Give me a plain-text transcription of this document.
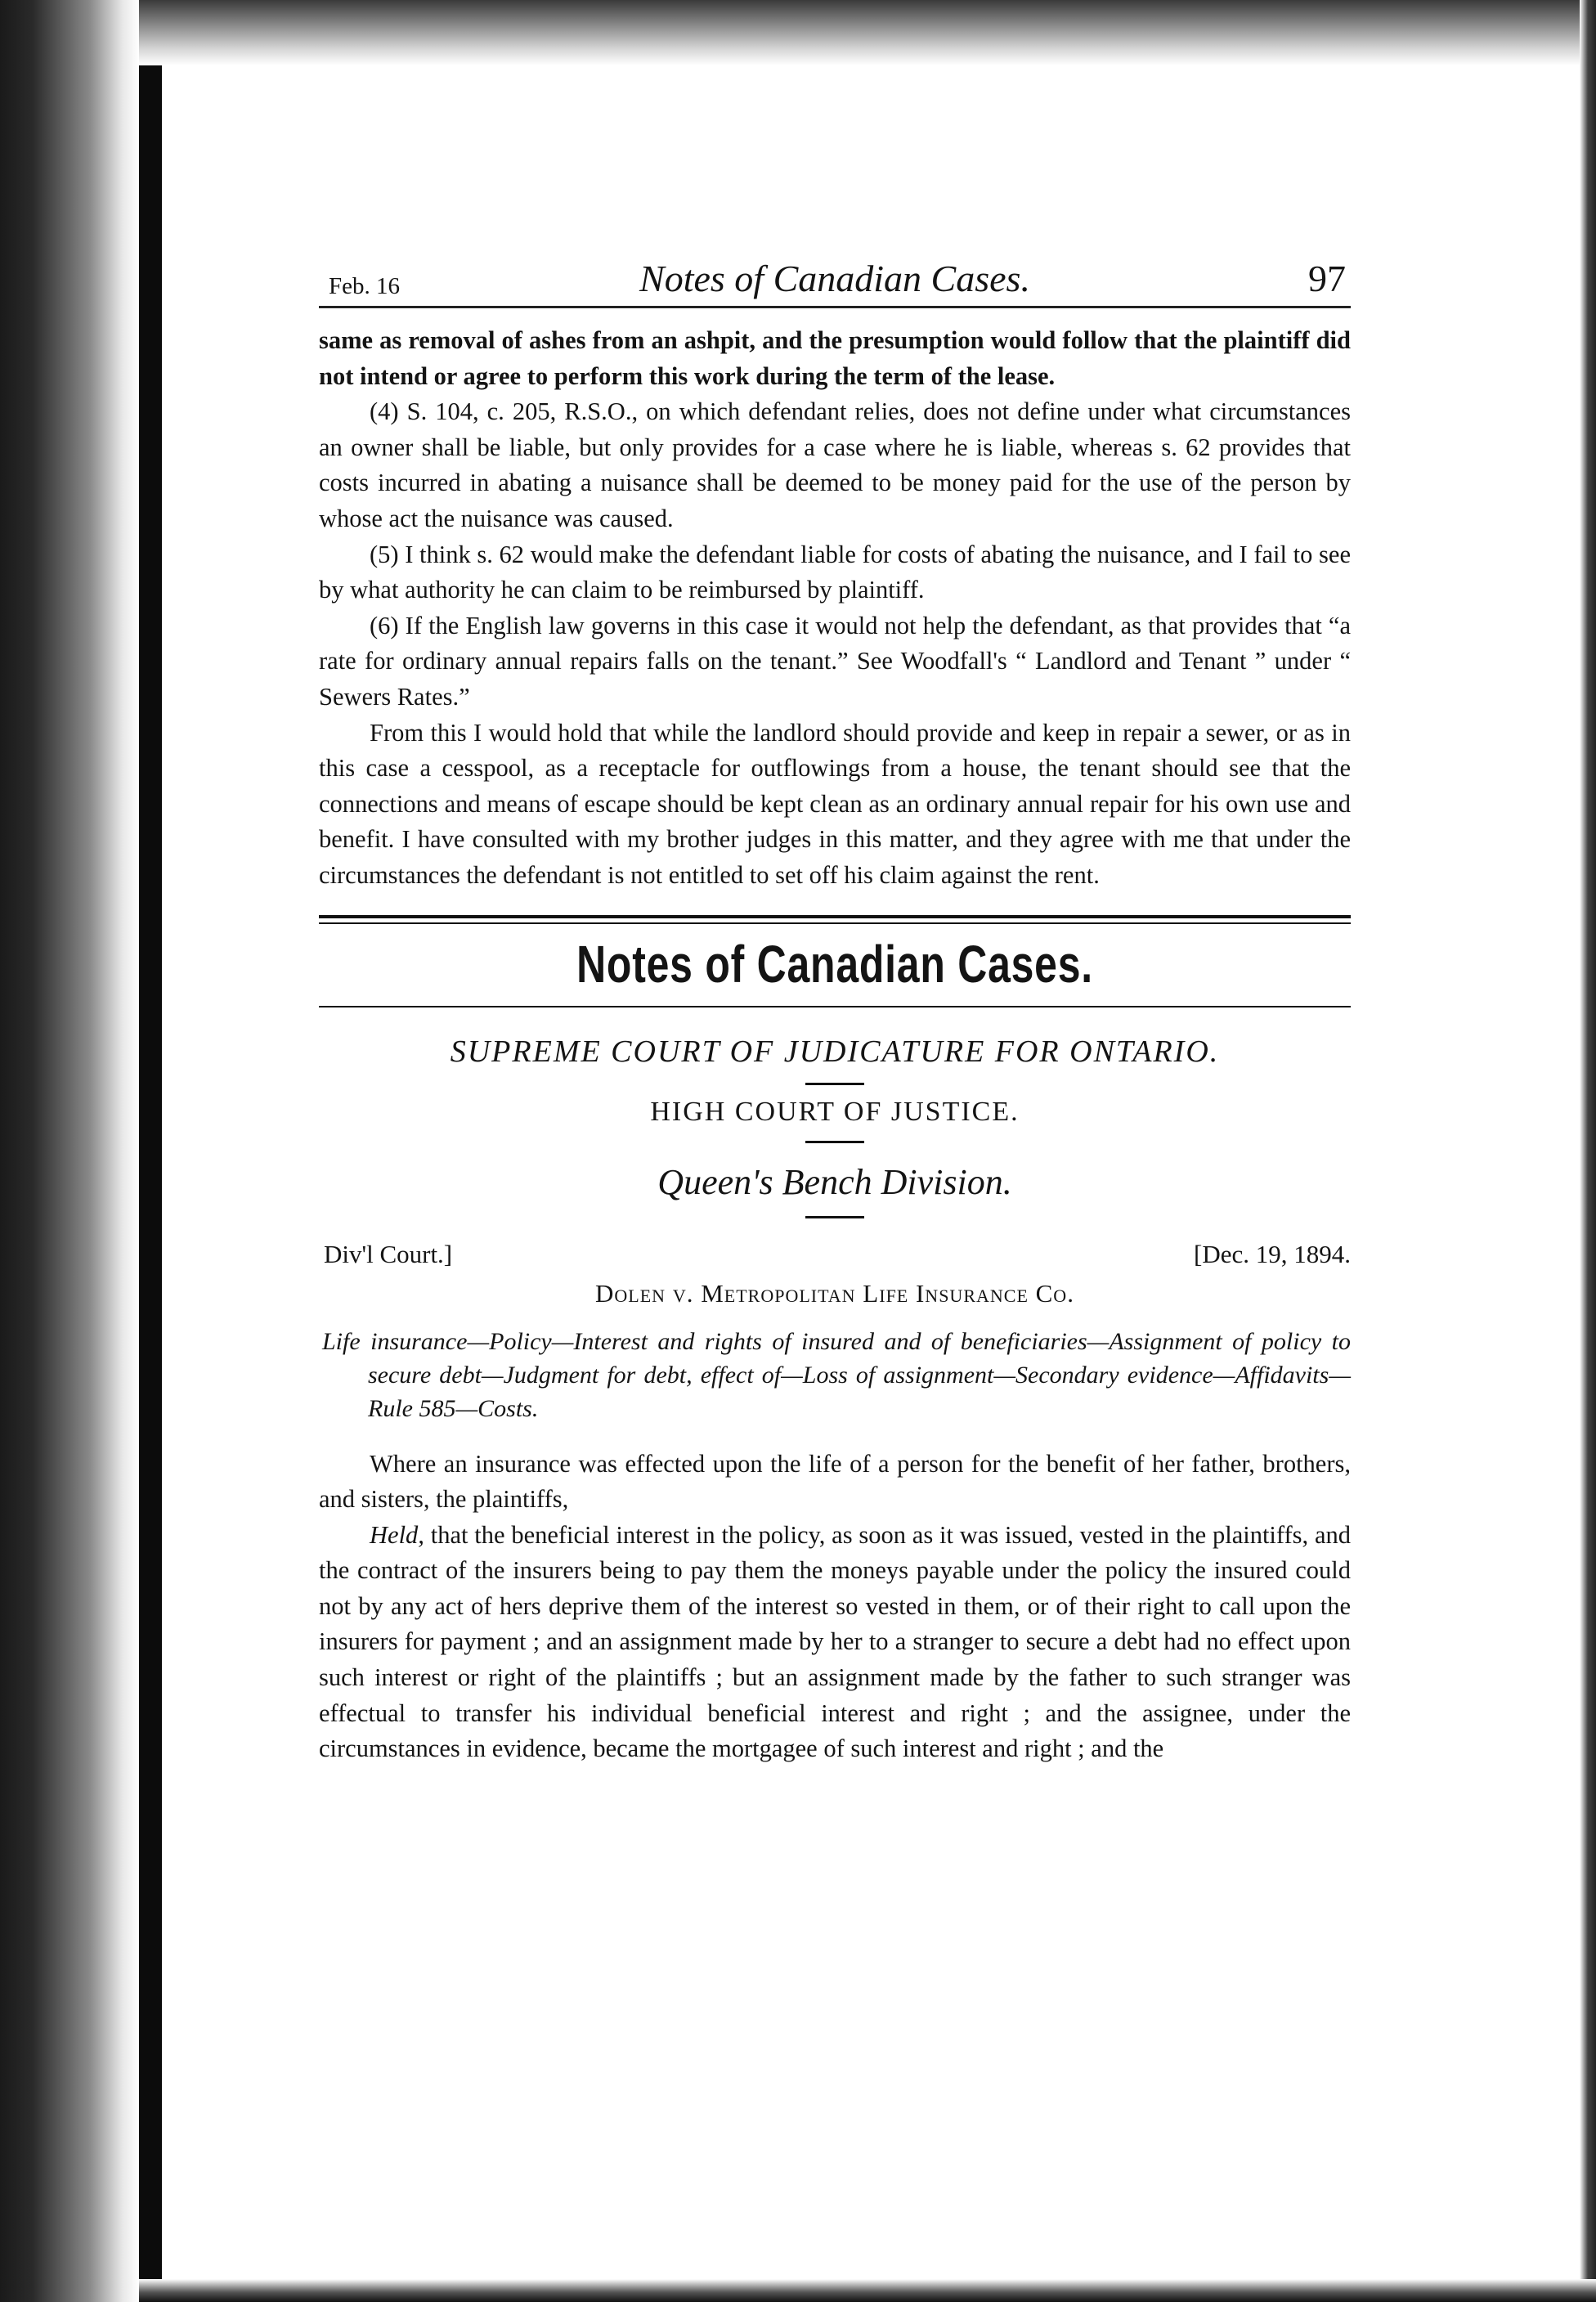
Feb. 16	Notes of Canadian Cases.	97

same as removal of ashes from an ashpit, and the presumption would follow that the plaintiff did not intend or agree to perform this work during the term of the lease.

(4) S. 104, c. 205, R.S.O., on which defendant relies, does not define under what circumstances an owner shall be liable, but only provides for a case where he is liable, whereas s. 62 provides that costs incurred in abating a nuisance shall be deemed to be money paid for the use of the person by whose act the nuisance was caused.

(5) I think s. 62 would make the defendant liable for costs of abating the nuisance, and I fail to see by what authority he can claim to be reimbursed by plaintiff.

(6) If the English law governs in this case it would not help the defendant, as that provides that “a rate for ordinary annual repairs falls on the tenant.” See Woodfall's “ Landlord and Tenant ” under “ Sewers Rates.”

From this I would hold that while the landlord should provide and keep in repair a sewer, or as in this case a cesspool, as a receptacle for outflowings from a house, the tenant should see that the connections and means of escape should be kept clean as an ordinary annual repair for his own use and benefit. I have consulted with my brother judges in this matter, and they agree with me that under the circumstances the defendant is not entitled to set off his claim against the rent.

Notes of Canadian Cases.
SUPREME COURT OF JUDICATURE FOR ONTARIO.
HIGH COURT OF JUSTICE.
Queen's Bench Division.
Div'l Court.]	[Dec. 19, 1894.
Dolen v. Metropolitan Life Insurance Co.

Life insurance—Policy—Interest and rights of insured and of beneficiaries—Assignment of policy to secure debt—Judgment for debt, effect of—Loss of assignment—Secondary evidence—Affidavits—Rule 585—Costs.

Where an insurance was effected upon the life of a person for the benefit of her father, brothers, and sisters, the plaintiffs,

Held, that the beneficial interest in the policy, as soon as it was issued, vested in the plaintiffs, and the contract of the insurers being to pay them the moneys payable under the policy the insured could not by any act of hers deprive them of the interest so vested in them, or of their right to call upon the insurers for payment ; and an assignment made by her to a stranger to secure a debt had no effect upon such interest or right of the plaintiffs ; but an assignment made by the father to such stranger was effectual to transfer his individual beneficial interest and right ; and the assignee, under the circumstances in evidence, became the mortgagee of such interest and right ; and the
